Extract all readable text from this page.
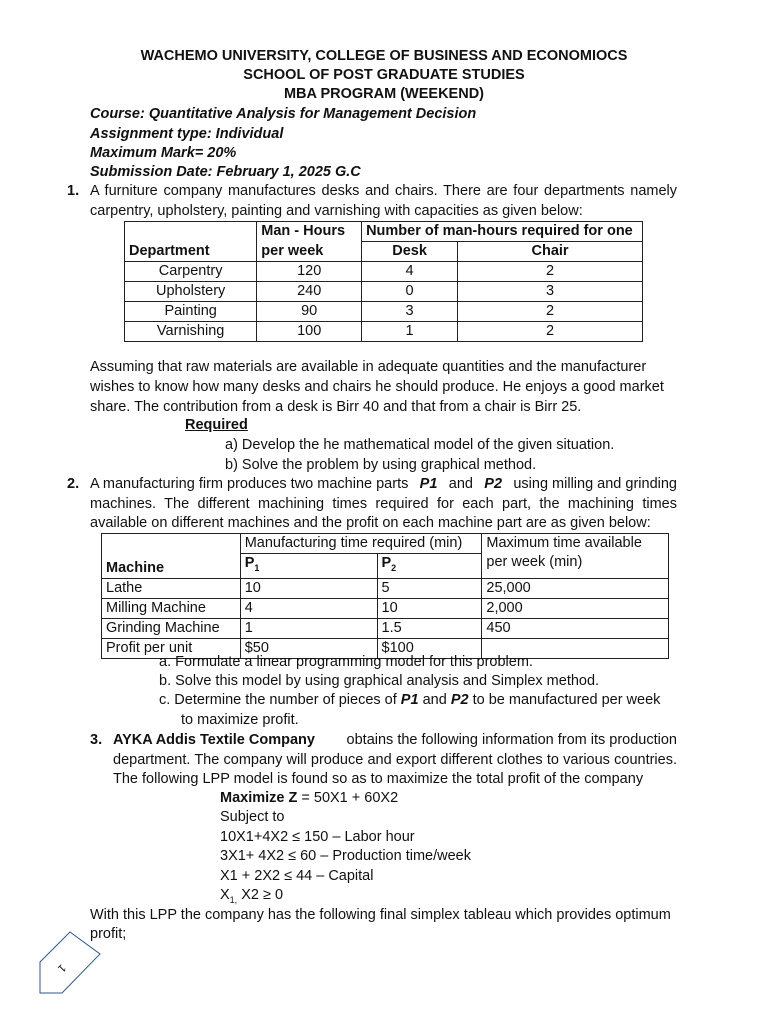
WACHEMO UNIVERSITY, COLLEGE OF BUSINESS AND ECONOMIOCS
SCHOOL OF POST GRADUATE STUDIES
MBA PROGRAM (WEEKEND)
Course: Quantitative Analysis for Management Decision
Assignment type: Individual
Maximum Mark= 20%
Submission Date: February 1, 2025 G.C
1. A furniture company manufactures desks and chairs. There are four departments namely
carpentry, upholstery, painting and varnishing with capacities as given below:
Department	Man - Hours	Number of man-hours required for one	
	per week	Desk	Chair
Carpentry	120	4	2
Upholstery	240	0	3
Painting	90	3	2
Varnishing	100	1	2
Assuming that raw materials are available in adequate quantities and the manufacturer
wishes to know how many desks and chairs he should produce. He enjoys a good market
share. The contribution from a desk is Birr 40 and that from a chair is Birr 25.
Required
a) Develop the he mathematical model of the given situation.
b) Solve the problem by using graphical method.
2. A manufacturing firm produces two machine parts P1 and P2 using milling and grinding
machines. The different machining times required for each part, the machining times
available on different machines and the profit on each machine part are as given below:
Machine	Manufacturing time required (min)		Maximum time available
per week (min)

	$P_1$	$P_2$
Lathe	10	5	25,000
Milling Machine	4	10	2,000
Grinding Machine	1	1.5	450
Profit per unit	$50	$100	
a. Formulate a linear programming model for this problem.
b. Solve this model by using graphical analysis and Simplex method.
c. Determine the number of pieces of P1 and P2 to be manufactured per week
to maximize profit.
3. AYKA Addis Textile Company obtains the following information from its production
department. The company will produce and export different clothes to various countries.
The following LPP model is found so as to maximize the total profit of the company
Maximize Z = 50X1 + 60X2
Subject to
10X1+4X2 ≤ 150 – Labor hour
3X1+ 4X2 ≤ 60 – Production time/week
X1 + 2X2 ≤ 44 – Capital
$X_{1,}$ X2 ≥ 0
With this LPP the company has the following final simplex tableau which provides optimum
profit;
1
